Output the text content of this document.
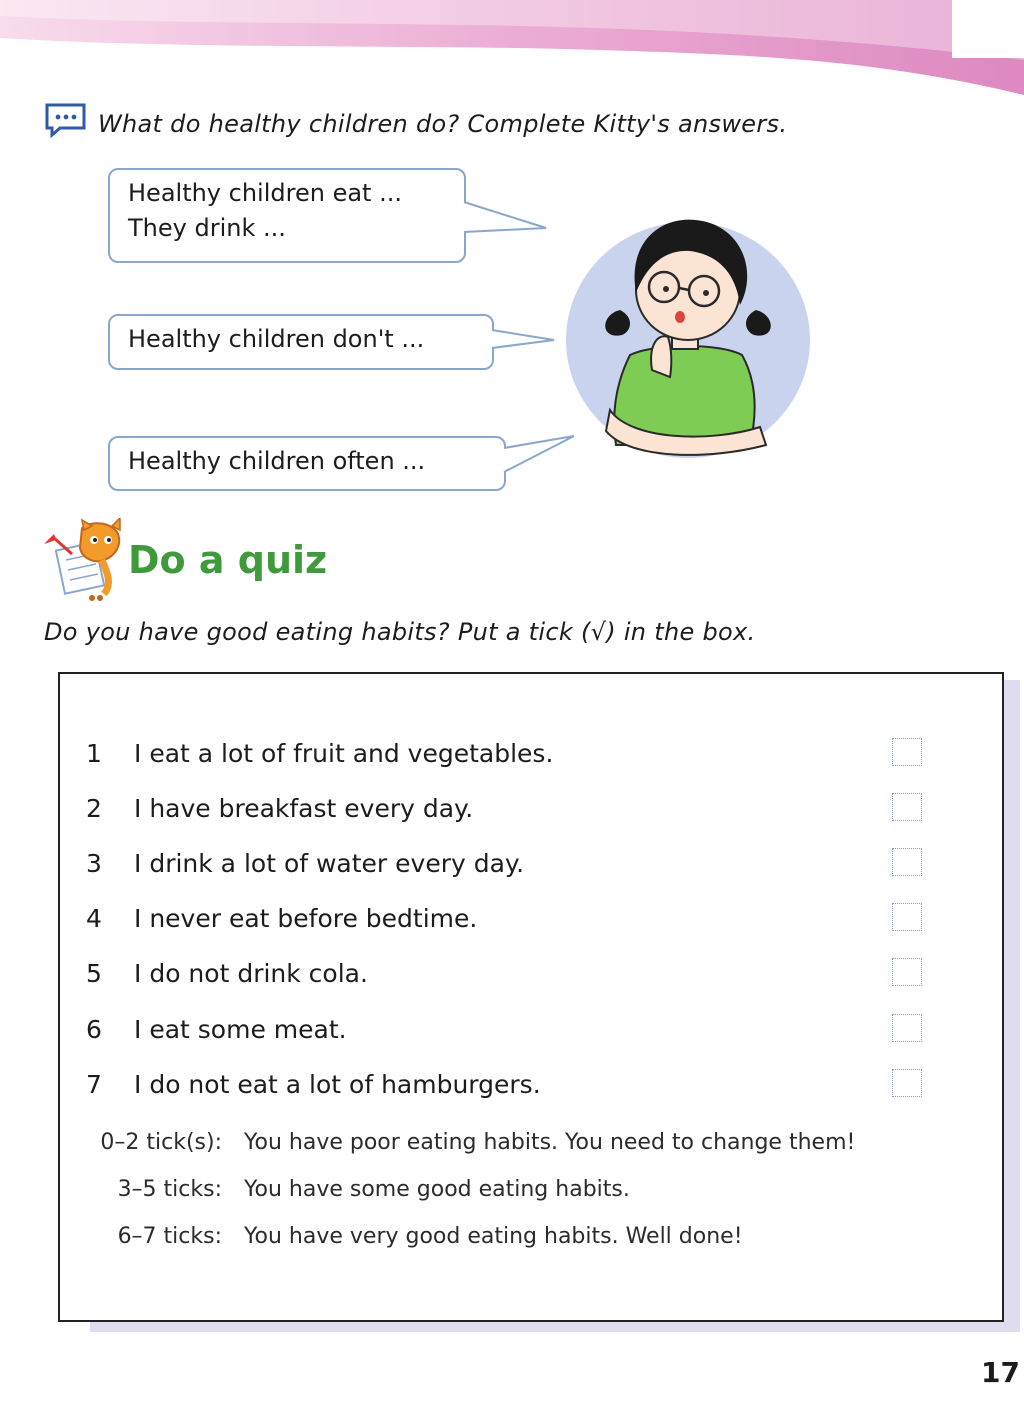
What do healthy children do? Complete Kitty's answers.
Healthy children eat ...
They drink ...
Healthy children don't ...
Healthy children often ...
Do a quiz
Do you have good eating habits? Put a tick (√) in the box.
1 I eat a lot of fruit and vegetables.
2 I have breakfast every day.
3 I drink a lot of water every day.
4 I never eat before bedtime.
5 I do not drink cola.
6 I eat some meat.
7 I do not eat a lot of hamburgers.
0–2 tick(s): You have poor eating habits. You need to change them!
3–5 ticks: You have some good eating habits.
6–7 ticks: You have very good eating habits. Well done!
17
